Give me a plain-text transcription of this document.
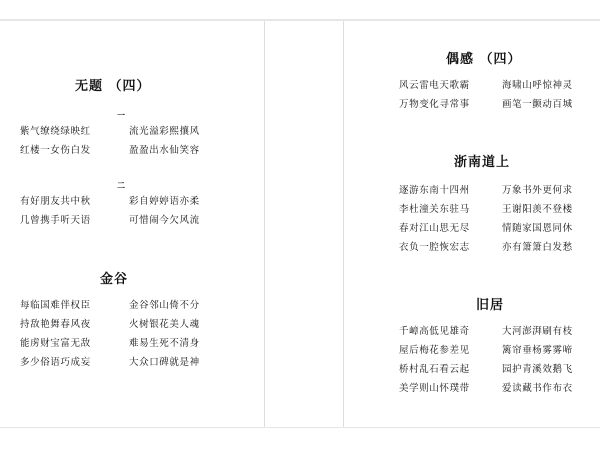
无题 （四）
一
紫气缭绕绿映红	流光溢彩熙攘风
红楼一女伤白发	盈盈出水仙笑容
二
有好朋友共中秋	彩自婷婷语亦柔
几曾携手听天语	可惜闹今欠风流
金谷
每临国难伴权臣	金谷邻山倚不分
持敌艳舞春风夜	火树银花美人魂
能虏财宝富无敌	难易生死不清身
多少俗语巧成妄	大众口碑就是神
偶感 （四）
风云雷电天歌霸	海啸山呼惊神灵
万物变化寻常事	画笔一颤动百城
浙南道上
逐游东南十四州	万象书外更何求
李杜潼关东驻马	王谢阳羡不登楼
春对江山思无尽	情随家国恩同休
衣负一腔恢宏志	亦有箫箫白发愁
旧居
千嶂高低见雄奇	大河澎湃刷有枝
屋后梅花参差见	篱帘垂杨雾雾啼
桥村乱石看云起	园护青溪效鹅飞
美学则山怀璞带	爱读藏书作布衣
